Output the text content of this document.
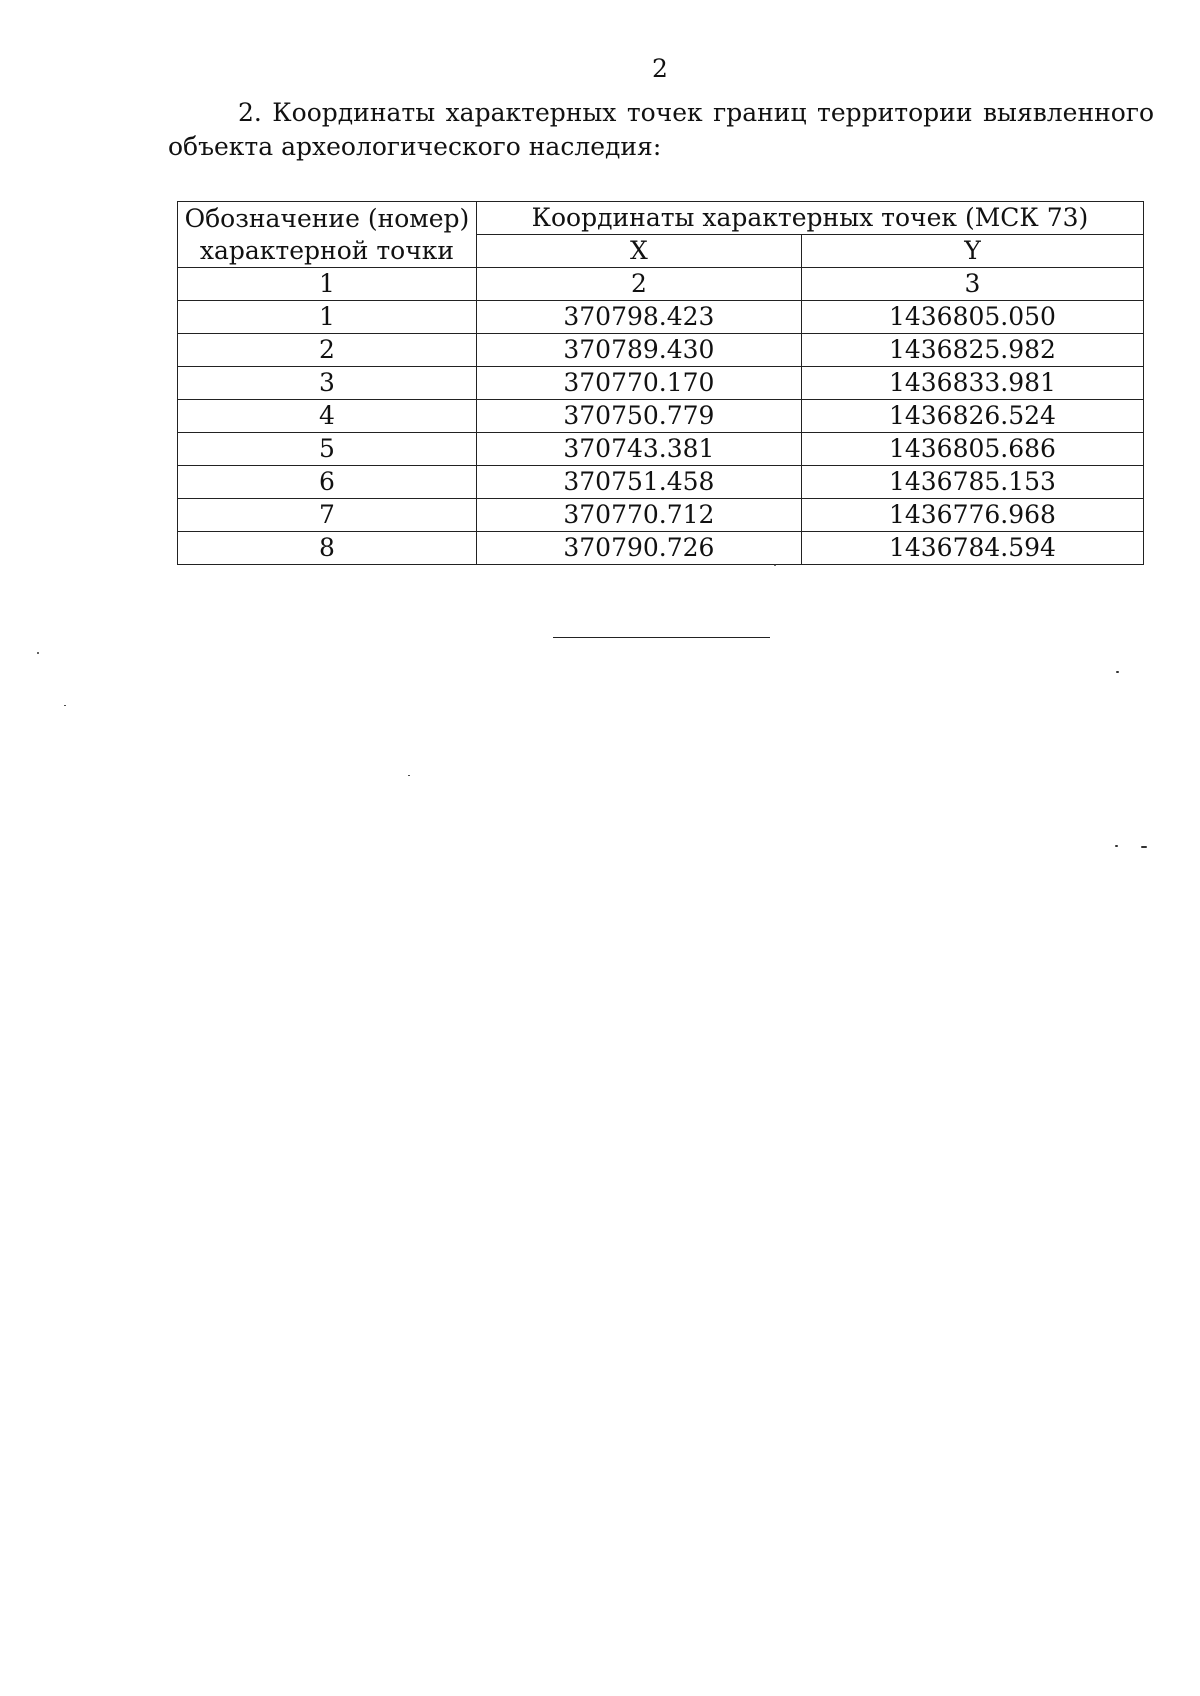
2
2. Координаты характерных точек границ территории выявленного объекта археологического наследия:
Обозначение (номер) характерной точки	Координаты характерных точек (МСК 73)	
	X	Y
1	2	3
1	370798.423	1436805.050
2	370789.430	1436825.982
3	370770.170	1436833.981
4	370750.779	1436826.524
5	370743.381	1436805.686
6	370751.458	1436785.153
7	370770.712	1436776.968
8	370790.726	1436784.594
